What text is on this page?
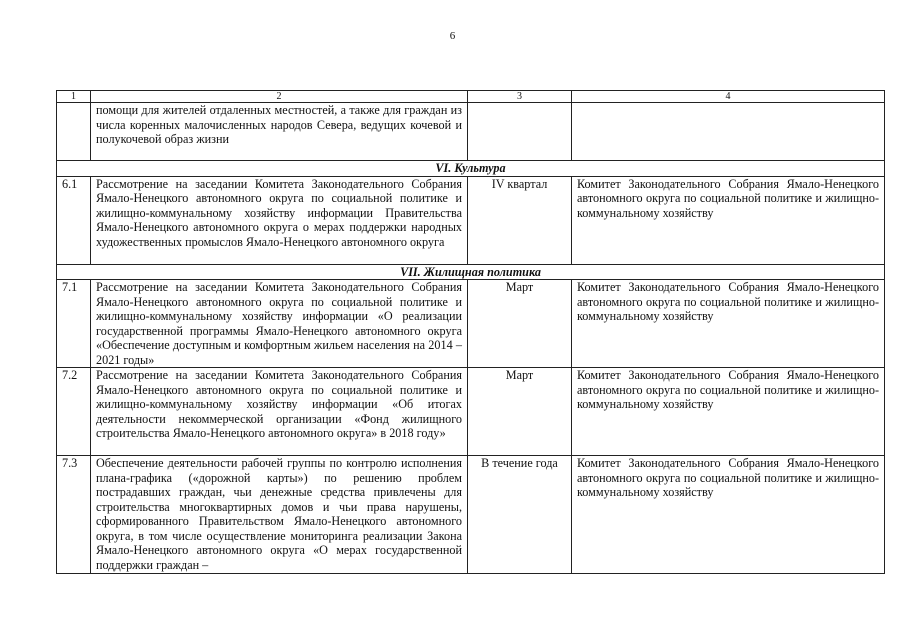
6
1	2	3	4
	помощи для жителей отдаленных местностей, а также для граждан из числа коренных малочисленных народов Севера, ведущих кочевой и полукочевой образ жизни		
VI. Культура			
6.1	Рассмотрение на заседании Комитета Законодательного Собрания Ямало-Ненецкого автономного округа по социальной политике и жилищно-коммунальному хозяйству информации Правительства Ямало-Ненецкого автономного округа о мерах поддержки народных художественных промыслов Ямало-Ненецкого автономного округа	IV квартал	Комитет Законодательного Собрания Ямало-Ненецкого автономного округа по социальной политике и жилищно-коммунальному хозяйству
VII. Жилищная политика			
7.1	Рассмотрение на заседании Комитета Законодательного Собрания Ямало-Ненецкого автономного округа по социальной политике и жилищно-коммунальному хозяйству информации «О реализации государственной программы Ямало-Ненецкого автономного округа «Обеспечение доступным и комфортным жильем населения на 2014 – 2021 годы»	Март	Комитет Законодательного Собрания Ямало-Ненецкого автономного округа по социальной политике и жилищно-коммунальному хозяйству
7.2	Рассмотрение на заседании Комитета Законодательного Собрания Ямало-Ненецкого автономного округа по социальной политике и жилищно-коммунальному хозяйству информации «Об итогах деятельности некоммерческой организации «Фонд жилищного строительства Ямало-Ненецкого автономного округа» в 2018 году»	Март	Комитет Законодательного Собрания Ямало-Ненецкого автономного округа по социальной политике и жилищно-коммунальному хозяйству
7.3	Обеспечение деятельности рабочей группы по контролю исполнения плана-графика («дорожной карты») по решению проблем пострадавших граждан, чьи денежные средства привлечены для строительства многоквартирных домов и чьи права нарушены, сформированного Правительством Ямало-Ненецкого автономного округа, в том числе осуществление мониторинга реализации Закона Ямало-Ненецкого автономного округа «О мерах государственной поддержки граждан –	В течение года	Комитет Законодательного Собрания Ямало-Ненецкого автономного округа по социальной политике и жилищно-коммунальному хозяйству
